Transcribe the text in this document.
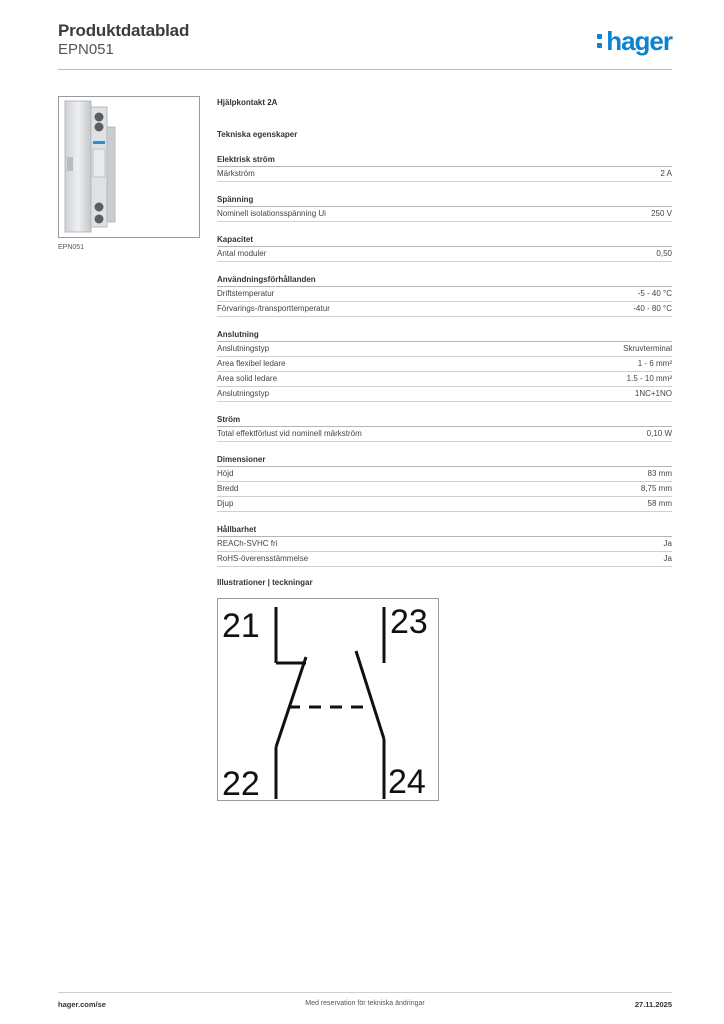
Produktdatablad
EPN051	hager
EPN051
Hjälpkontakt 2A
Tekniska egenskaper
Elektrisk ström
Märkström	2 A
Spänning
Nominell isolationsspänning Ui	250 V
Kapacitet
Antal moduler	0,50
Användningsförhållanden
Driftstemperatur	-5 - 40 °C
Förvarings-/transporttemperatur	-40 - 80 °C
Anslutning
Anslutningstyp	Skruvterminal
Area flexibel ledare	1 - 6 mm²
Area solid ledare	1.5 - 10 mm²
Anslutningstyp	1NC+1NO
Ström
Total effektförlust vid nominell märkström	0,10 W
Dimensioner
Höjd	83 mm
Bredd	8,75 mm
Djup	58 mm
Hållbarhet
REACh-SVHC fri	Ja
RoHS-överensstämmelse	Ja
Illustrationer | teckningar
21	23
22	24
hager.com/se	Med reservation för tekniska ändringar	27.11.2025
